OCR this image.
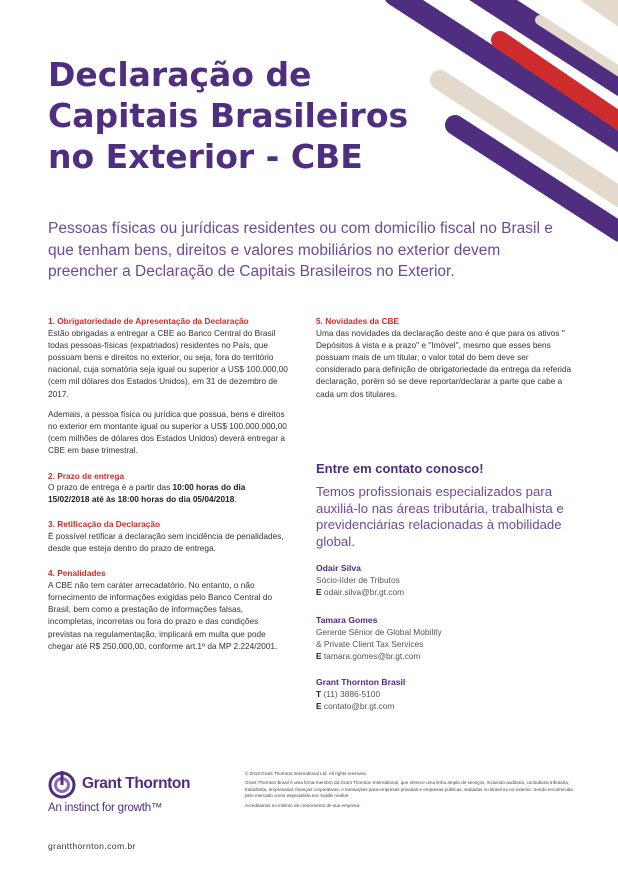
Declaração de Capitais Brasileiros no Exterior - CBE

Pessoas físicas ou jurídicas residentes ou com domicílio fiscal no Brasil e que tenham bens, direitos e valores mobiliários no exterior devem preencher a Declaração de Capitais Brasileiros no Exterior.

1. Obrigatoriedade de Apresentação da Declaração

Estão obrigadas a entregar a CBE ao Banco Central do Brasil todas pessoas-físicas (expatriados) residentes no País, que possuam bens e direitos no exterior, ou seja, fora do território nacional, cuja somatória seja igual ou superior a US$ 100.000,00 (cem mil dólares dos Estados Unidos), em 31 de dezembro de 2017.

Ademais, a pessoa física ou jurídica que possua, bens e direitos no exterior em montante igual ou superior a US$ 100.000.000,00 (cem milhões de dólares dos Estados Unidos) deverá entregar a CBE em base trimestral.

2. Prazo de entrega

O prazo de entrega é a partir das 10:00 horas do dia 15/02/2018 até às 18:00 horas do dia 05/04/2018.

3. Retificação da Declaração

É possível retificar a declaração sem incidência de penalidades, desde que esteja dentro do prazo de entrega.

4. Penalidades

A CBE não tem caráter arrecadatório. No entanto, o não fornecimento de informações exigidas pelo Banco Central do Brasil, bem como a prestação de informações falsas, incompletas, incorretas ou fora do prazo e das condições previstas na regulamentação, implicará em multa que pode chegar até R$ 250.000,00, conforme art.1º da MP 2.224/2001.

5. Novidades da CBE

Uma das novidades da declaração deste ano é que para os ativos " Depósitos à vista e a prazo" e "Imóvel", mesmo que esses bens possuam mais de um titular, o valor total do bem deve ser considerado para definição de obrigatoriedade da entrega da referida declaração, porém só se deve reportar/declarar a parte que cabe a cada um dos titulares.

Entre em contato conosco!

Temos profissionais especializados para auxiliá-lo nas áreas tributária, trabalhista e previdenciárias relacionadas à mobilidade global.

Odair Silva
Sócio-líder de Tributos
E odair.silva@br.gt.com
Tamara Gomes
Gerente Sênior de Global Mobility
& Private Client Tax Services
E tamara.gomes@br.gt.com
Grant Thornton Brasil
T (11) 3886-5100
E contato@br.gt.com
Grant Thornton
An instinct for growth™
grantthornton.com.br

© 2018 Grant Thornton International Ltd. All rights reserved.

Grant Thornton Brasil é uma firma-membro da Grant Thornton International, que oferece uma linha ampla de serviços, incluindo auditoria, consultoria tributária, trabalhista, empresarial, finanças corporativas, e transações para empresas privadas e empresas públicas, sediadas no Brasil ou no exterior. Sendo reconhecida pelo mercado como especialista em middle market.

Acreditamos no instinto de crescimento de sua empresa.
